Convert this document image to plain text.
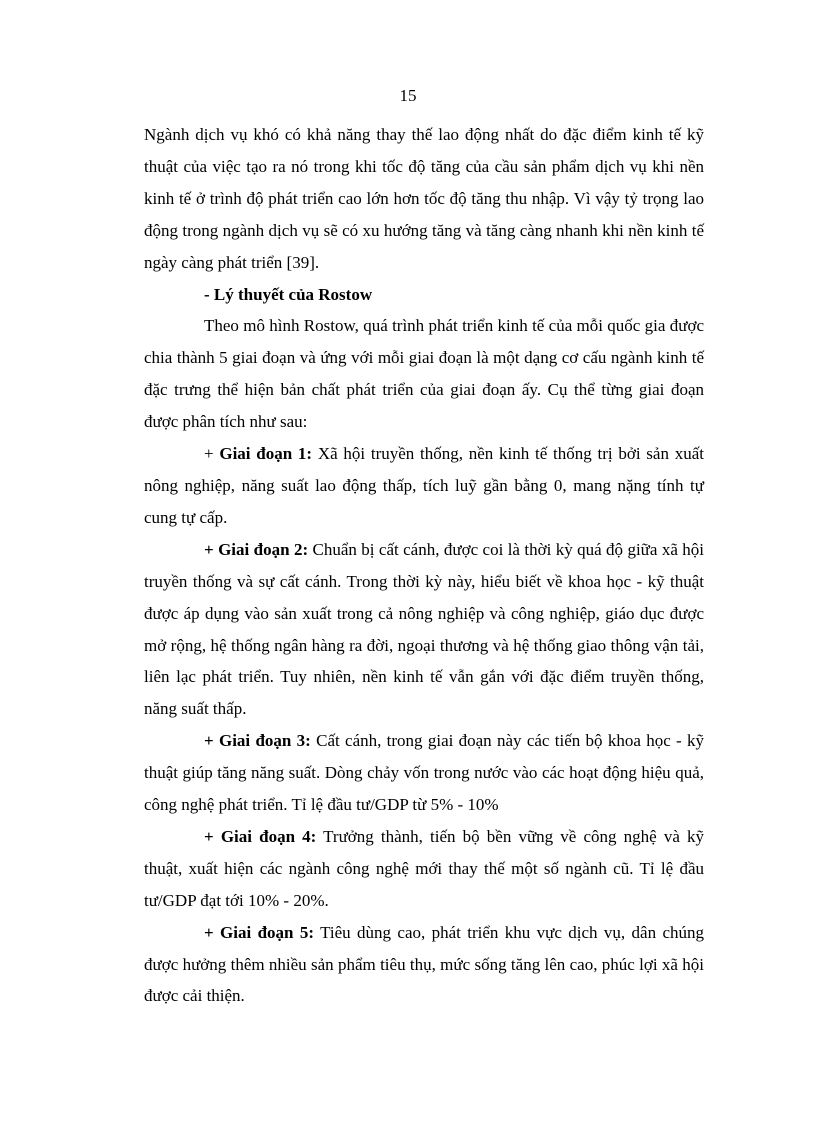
15

Ngành dịch vụ khó có khả năng thay thế lao động nhất do đặc điểm kinh tế kỹ thuật của việc tạo ra nó trong khi tốc độ tăng của cầu sản phẩm dịch vụ khi nền kinh tế ở trình độ phát triển cao lớn hơn tốc độ tăng thu nhập. Vì vậy tỷ trọng lao động trong ngành dịch vụ sẽ có xu hướng tăng và tăng càng nhanh khi nền kinh tế ngày càng phát triển [39].

- Lý thuyết của Rostow

Theo mô hình Rostow, quá trình phát triển kinh tế của mỗi quốc gia được chia thành 5 giai đoạn và ứng với mỗi giai đoạn là một dạng cơ cấu ngành kinh tế đặc trưng thể hiện bản chất phát triển của giai đoạn ấy. Cụ thể từng giai đoạn được phân tích như sau:

+ Giai đoạn 1: Xã hội truyền thống, nền kinh tế thống trị bởi sản xuất nông nghiệp, năng suất lao động thấp, tích luỹ gần bằng 0, mang nặng tính tự cung tự cấp.

+ Giai đoạn 2: Chuẩn bị cất cánh, được coi là thời kỳ quá độ giữa xã hội truyền thống và sự cất cánh. Trong thời kỳ này, hiểu biết về khoa học - kỹ thuật được áp dụng vào sản xuất trong cả nông nghiệp và công nghiệp, giáo dục được mở rộng, hệ thống ngân hàng ra đời, ngoại thương và hệ thống giao thông vận tải, liên lạc phát triển. Tuy nhiên, nền kinh tế vẫn gắn với đặc điểm truyền thống, năng suất thấp.

+ Giai đoạn 3: Cất cánh, trong giai đoạn này các tiến bộ khoa học - kỹ thuật giúp tăng năng suất. Dòng chảy vốn trong nước vào các hoạt động hiệu quả, công nghệ phát triển. Tỉ lệ đầu tư/GDP từ 5% - 10%

+ Giai đoạn 4: Trưởng thành, tiến bộ bền vững về công nghệ và kỹ thuật, xuất hiện các ngành công nghệ mới thay thế một số ngành cũ. Tỉ lệ đầu tư/GDP đạt tới 10% - 20%.

+ Giai đoạn 5: Tiêu dùng cao, phát triển khu vực dịch vụ, dân chúng được hưởng thêm nhiều sản phẩm tiêu thụ, mức sống tăng lên cao, phúc lợi xã hội được cải thiện.
